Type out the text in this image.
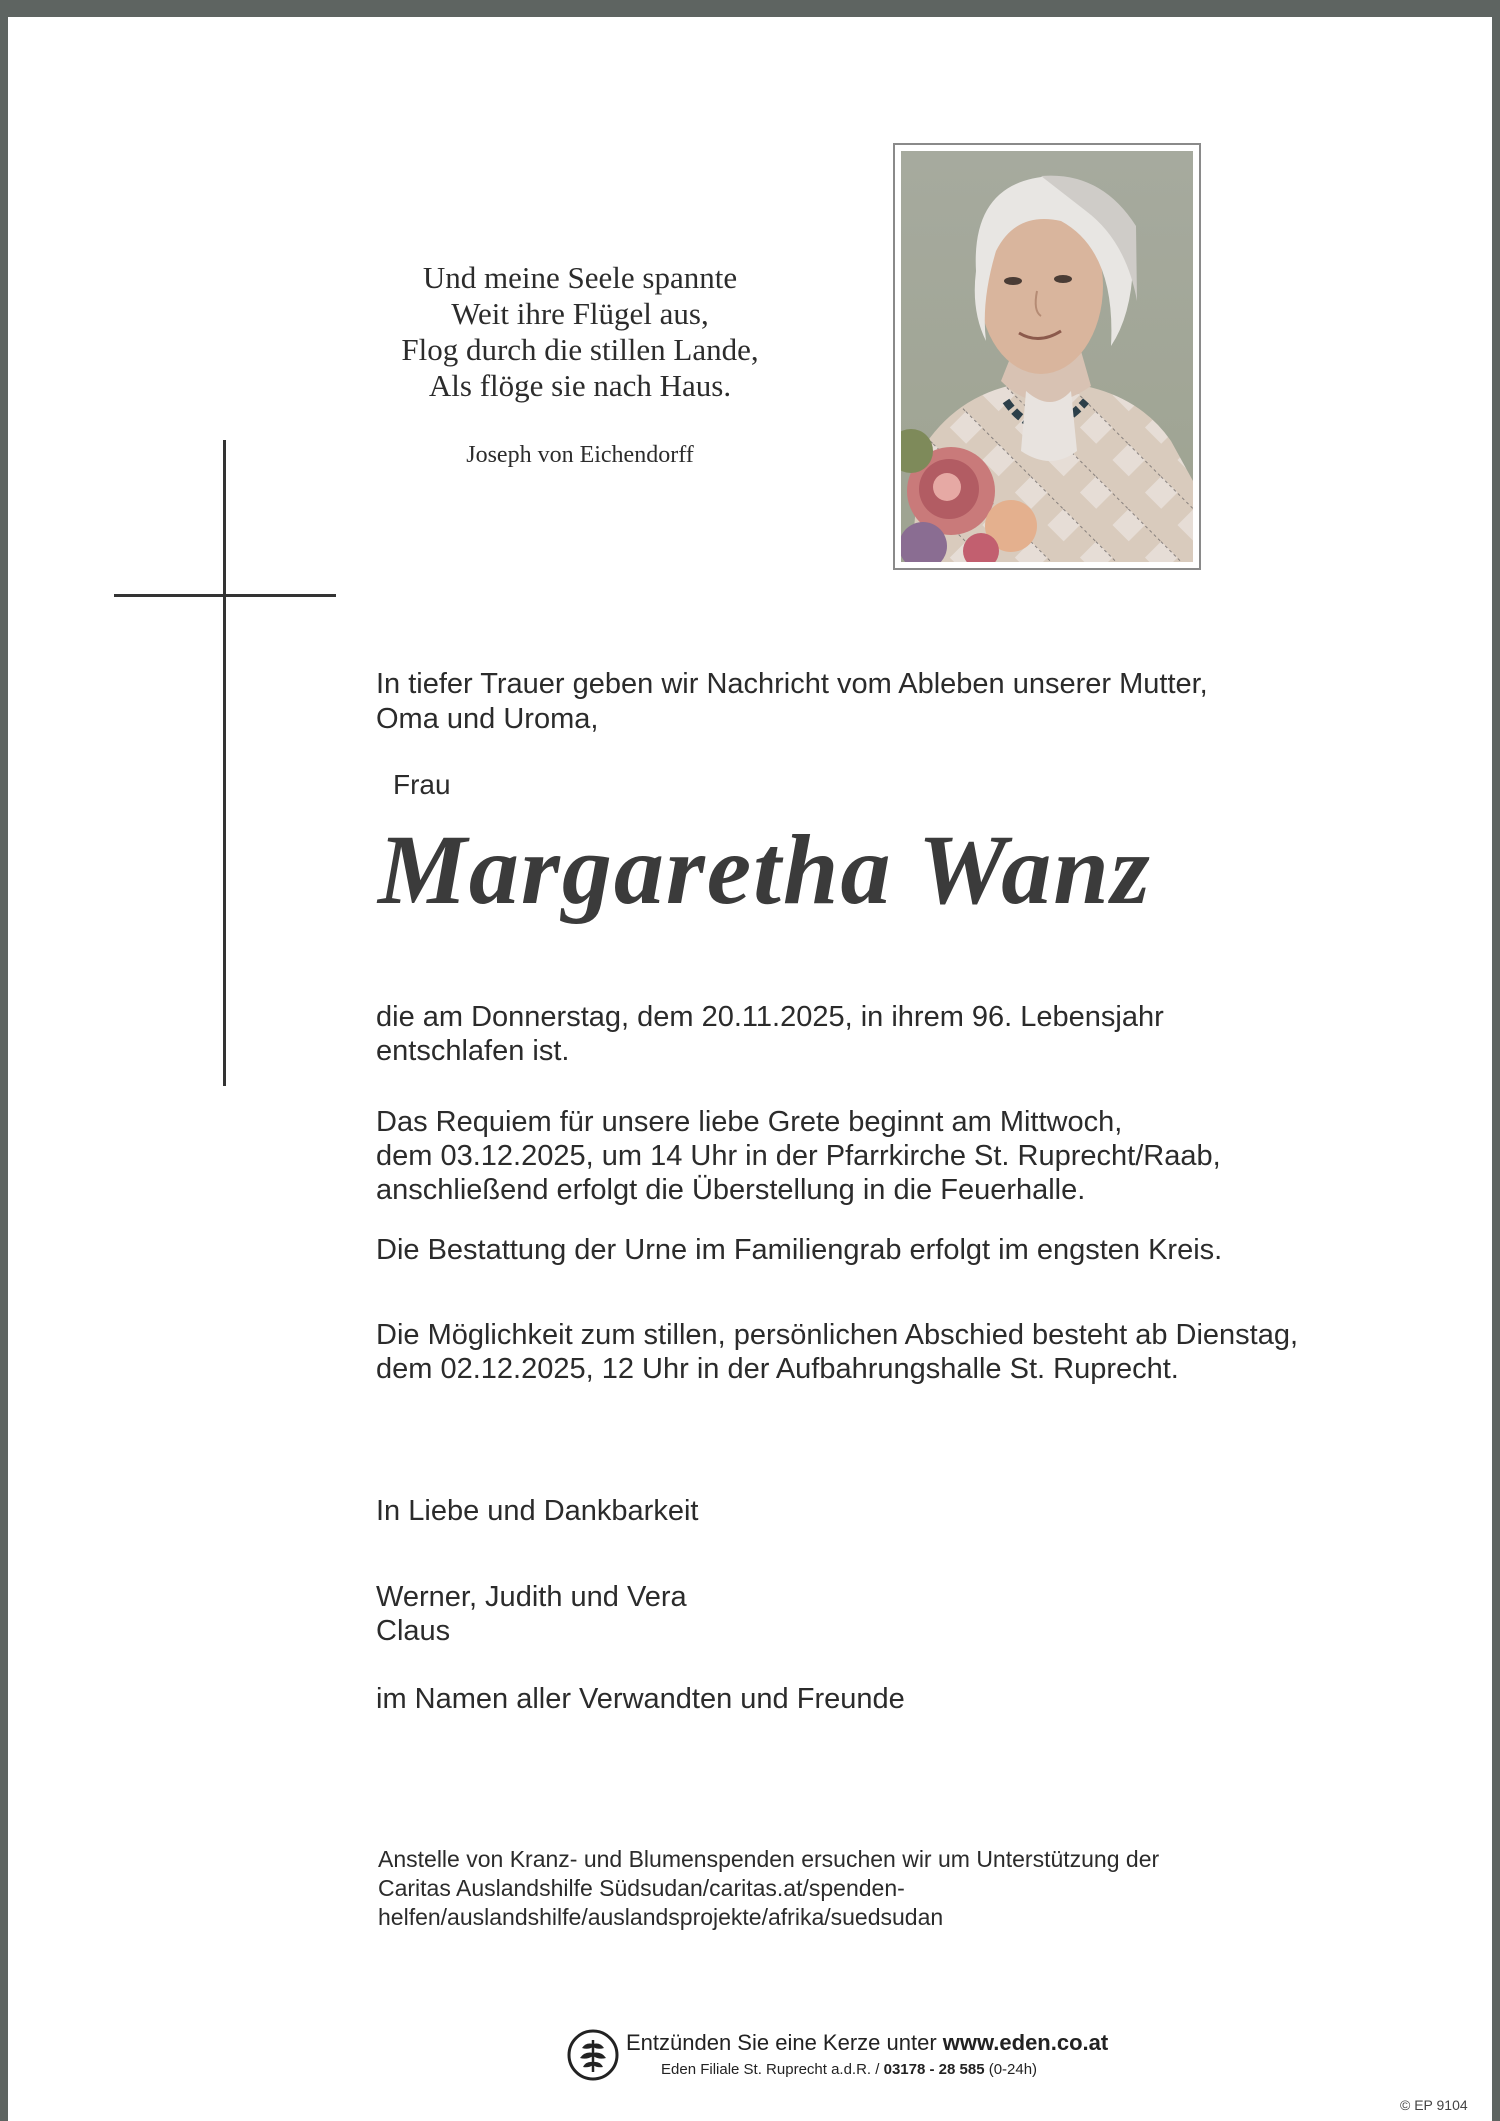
Und meine Seele spannte
Weit ihre Flügel aus,
Flog durch die stillen Lande,
Als flöge sie nach Haus.
Joseph von Eichendorff
In tiefer Trauer geben wir Nachricht vom Ableben unserer Mutter,
Oma und Uroma,
Frau
Margaretha Wanz
die am Donnerstag, dem 20.11.2025, in ihrem 96. Lebensjahr
entschlafen ist.
Das Requiem für unsere liebe Grete beginnt am Mittwoch,
dem 03.12.2025, um 14 Uhr in der Pfarrkirche St. Ruprecht/Raab,
anschließend erfolgt die Überstellung in die Feuerhalle.
Die Bestattung der Urne im Familiengrab erfolgt im engsten Kreis.
Die Möglichkeit zum stillen, persönlichen Abschied besteht ab Dienstag,
dem 02.12.2025, 12 Uhr in der Aufbahrungshalle St. Ruprecht.
In Liebe und Dankbarkeit
Werner, Judith und Vera
Claus
im Namen aller Verwandten und Freunde
Anstelle von Kranz- und Blumenspenden ersuchen wir um Unterstützung der
Caritas Auslandshilfe Südsudan/caritas.at/spenden-
helfen/auslandshilfe/auslandsprojekte/afrika/suedsudan
Entzünden Sie eine Kerze unter www.eden.co.at
Eden Filiale St. Ruprecht a.d.R. / 03178 - 28 585 (0-24h)
© EP 9104
